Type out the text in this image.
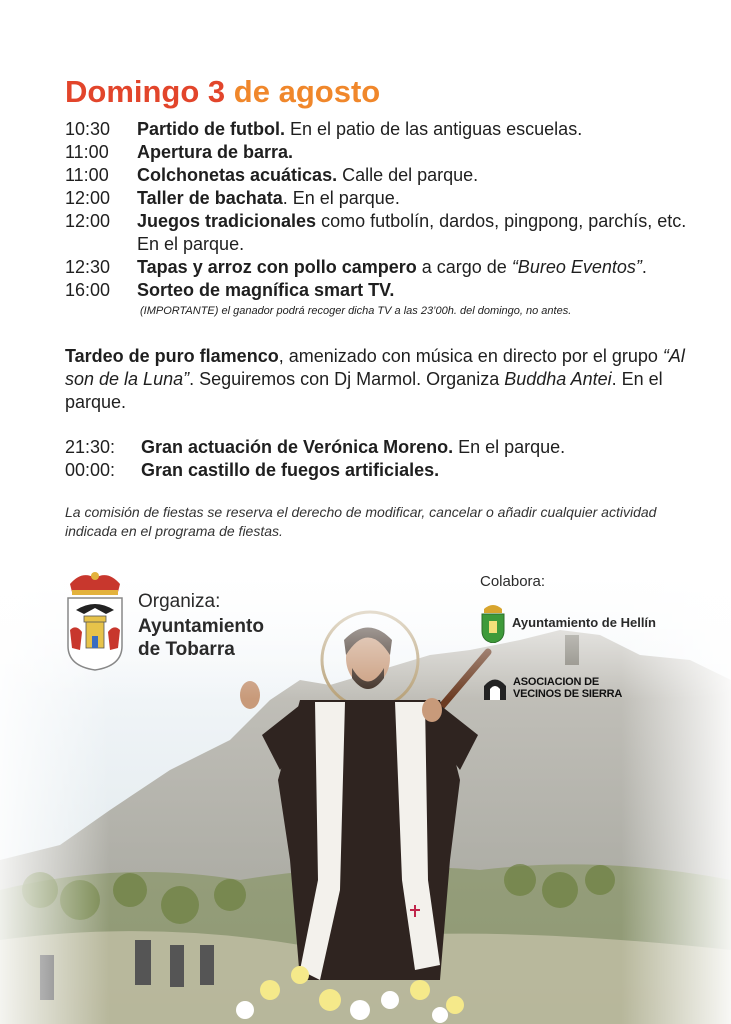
Domingo 3 de agosto
10:30	Partido de futbol. En el patio de las antiguas escuelas.
11:00	Apertura de barra.
11:00	Colchonetas acuáticas. Calle del parque.
12:00	Taller de bachata. En el parque.
12:00	Juegos tradicionales como futbolín, dardos, pingpong, parchís, etc. En el parque.
12:30	Tapas y arroz con pollo campero a cargo de “Bureo Eventos”.
16:00	Sorteo de magnífica smart TV.
(IMPORTANTE) el ganador podrá recoger dicha TV a las 23’00h. del domingo, no antes.
Tardeo de puro flamenco, amenizado con música en directo por el grupo “Al son de la Luna”. Seguiremos con Dj Marmol. Organiza Buddha Antei. En el parque.
21:30:	Gran actuación de Verónica Moreno. En el parque.
00:00:	Gran castillo de fuegos artificiales.
La comisión de fiestas se reserva el derecho de modificar, cancelar o añadir cualquier actividad indicada en el programa de fiestas.
Organiza:
Ayuntamiento
de Tobarra
Colabora:
Ayuntamiento de Hellín
ASOCIACION DE
VECINOS DE SIERRA
